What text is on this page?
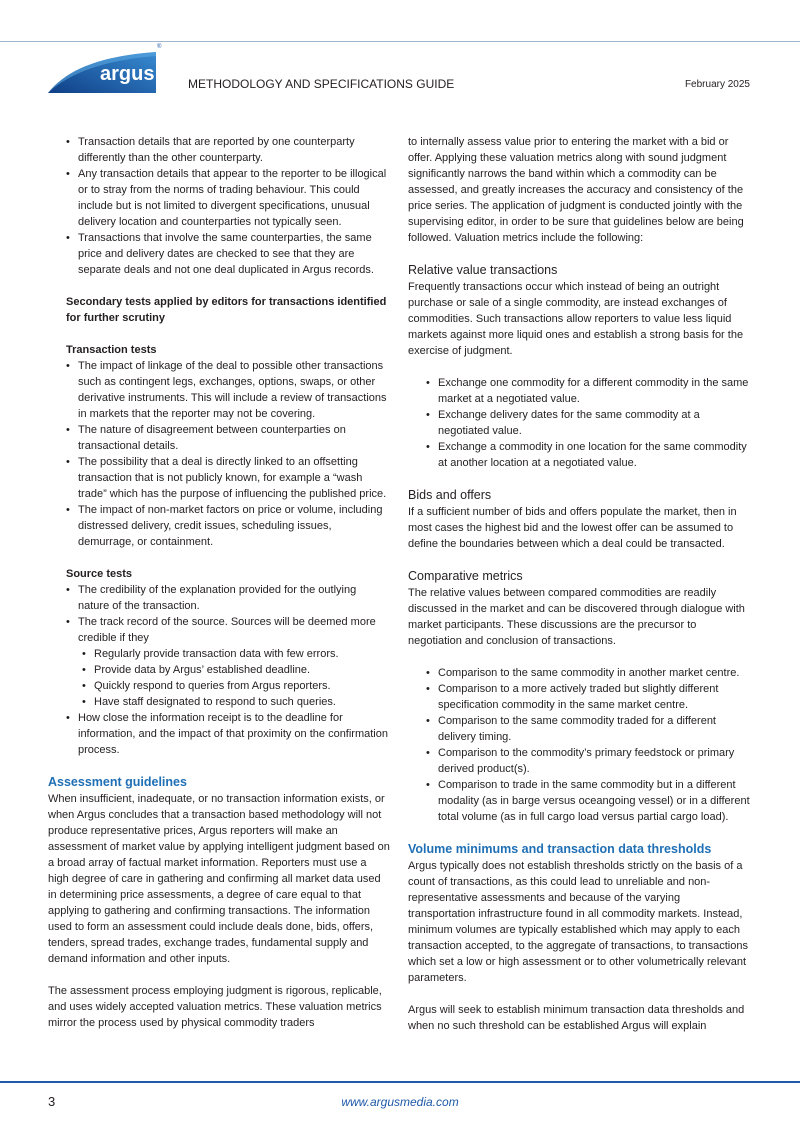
argus
®
METHODOLOGY AND SPECIFICATIONS GUIDE	February 2025
• Transaction details that are reported by one counterparty differently than the other counterparty.
• Any transaction details that appear to the reporter to be illogical or to stray from the norms of trading behaviour. This could include but is not limited to divergent specifications, unusual delivery location and counterparties not typically seen.
• Transactions that involve the same counterparties, the same price and delivery dates are checked to see that they are separate deals and not one deal duplicated in Argus records.

Secondary tests applied by editors for transactions identified for further scrutiny

Transaction tests

• The impact of linkage of the deal to possible other transactions such as contingent legs, exchanges, options, swaps, or other derivative instruments. This will include a review of transactions in markets that the reporter may not be covering.
• The nature of disagreement between counterparties on transactional details.
• The possibility that a deal is directly linked to an offsetting transaction that is not publicly known, for example a “wash trade” which has the purpose of influencing the published price.
• The impact of non-market factors on price or volume, including distressed delivery, credit issues, scheduling issues, demurrage, or containment.

Source tests

• The credibility of the explanation provided for the outlying nature of the transaction.
• The track record of the source. Sources will be deemed more credible if they
• Regularly provide transaction data with few errors.
• Provide data by Argus’ established deadline.
• Quickly respond to queries from Argus reporters.
• Have staff designated to respond to such queries.
• How close the information receipt is to the deadline for information, and the impact of that proximity on the confirmation process.

Assessment guidelines

When insufficient, inadequate, or no transaction information exists, or when Argus concludes that a transaction based methodology will not produce representative prices, Argus reporters will make an assessment of market value by applying intelligent judgment based on a broad array of factual market information. Reporters must use a high degree of care in gathering and confirming all market data used in determining price assessments, a degree of care equal to that applying to gathering and confirming transactions. The information used to form an assessment could include deals done, bids, offers, tenders, spread trades, exchange trades, fundamental supply and demand information and other inputs.

The assessment process employing judgment is rigorous, replicable, and uses widely accepted valuation metrics. These valuation metrics mirror the process used by physical commodity traders

to internally assess value prior to entering the market with a bid or offer. Applying these valuation metrics along with sound judgment significantly narrows the band within which a commodity can be assessed, and greatly increases the accuracy and consistency of the price series. The application of judgment is conducted jointly with the supervising editor, in order to be sure that guidelines below are being followed. Valuation metrics include the following:

Relative value transactions

Frequently transactions occur which instead of being an outright purchase or sale of a single commodity, are instead exchanges of commodities. Such transactions allow reporters to value less liquid markets against more liquid ones and establish a strong basis for the exercise of judgment.

• Exchange one commodity for a different commodity in the same market at a negotiated value.
• Exchange delivery dates for the same commodity at a negotiated value.
• Exchange a commodity in one location for the same commodity at another location at a negotiated value.

Bids and offers

If a sufficient number of bids and offers populate the market, then in most cases the highest bid and the lowest offer can be assumed to define the boundaries between which a deal could be transacted.

Comparative metrics

The relative values between compared commodities are readily discussed in the market and can be discovered through dialogue with market participants. These discussions are the precursor to negotiation and conclusion of transactions.

• Comparison to the same commodity in another market centre.
• Comparison to a more actively traded but slightly different specification commodity in the same market centre.
• Comparison to the same commodity traded for a different delivery timing.
• Comparison to the commodity’s primary feedstock or primary derived product(s).
• Comparison to trade in the same commodity but in a different modality (as in barge versus oceangoing vessel) or in a different total volume (as in full cargo load versus partial cargo load).

Volume minimums and transaction data thresholds

Argus typically does not establish thresholds strictly on the basis of a count of transactions, as this could lead to unreliable and non-representative assessments and because of the varying transportation infrastructure found in all commodity markets. Instead, minimum volumes are typically established which may apply to each transaction accepted, to the aggregate of transactions, to transactions which set a low or high assessment or to other volumetrically relevant parameters.

Argus will seek to establish minimum transaction data thresholds and when no such threshold can be established Argus will explain

3	www.argusmedia.com
